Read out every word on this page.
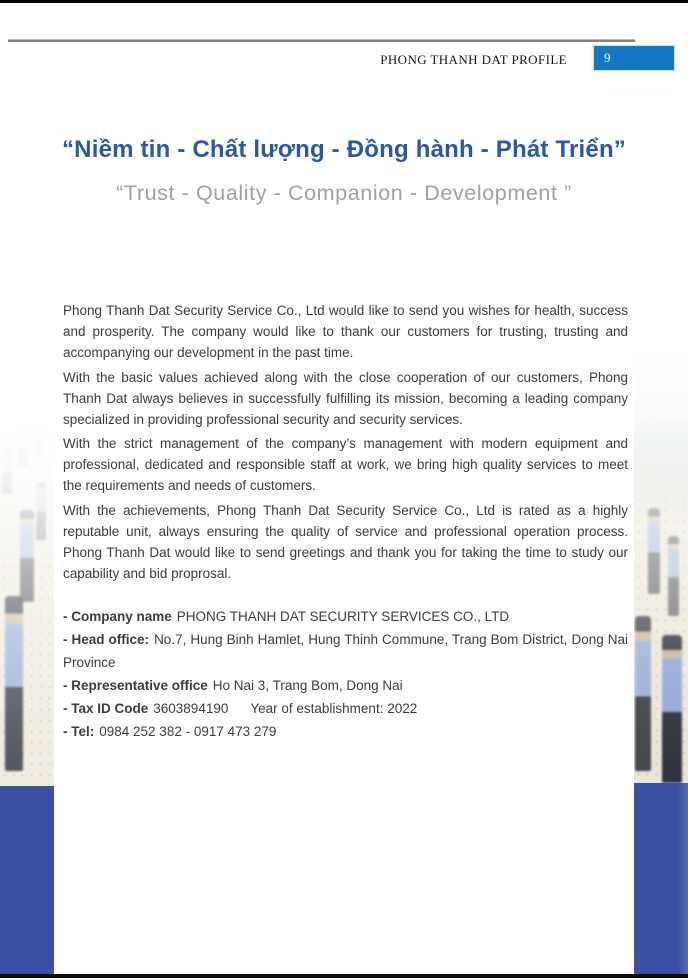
PHONG THANH DAT PROFILE	9
“Niềm tin - Chất lượng - Đồng hành - Phát Triển”
“Trust - Quality - Companion - Development ”

Phong Thanh Dat Security Service Co., Ltd would like to send you wishes for health, success and prosperity. The company would like to thank our customers for trusting, trusting and accompanying our development in the past time.

With the basic values achieved along with the close cooperation of our customers, Phong Thanh Dat always believes in successfully fulfilling its mission, becoming a leading company specialized in providing professional security and security services.

With the strict management of the company’s management with modern equipment and professional, dedicated and responsible staff at work, we bring high quality services to meet the requirements and needs of customers.

With the achievements, Phong Thanh Dat Security Service Co., Ltd is rated as a highly reputable unit, always ensuring the quality of service and professional operation process. Phong Thanh Dat would like to send greetings and thank you for taking the time to study our capability and bid proprosal.

- Company name PHONG THANH DAT SECURITY SERVICES CO., LTD
- Head office: No.7, Hung Binh Hamlet, Hung Thinh Commune, Trang Bom District, Dong Nai Province
- Representative office Ho Nai 3, Trang Bom, Dong Nai
- Tax ID Code 3603894190 Year of establishment: 2022
- Tel: 0984 252 382 - 0917 473 279
